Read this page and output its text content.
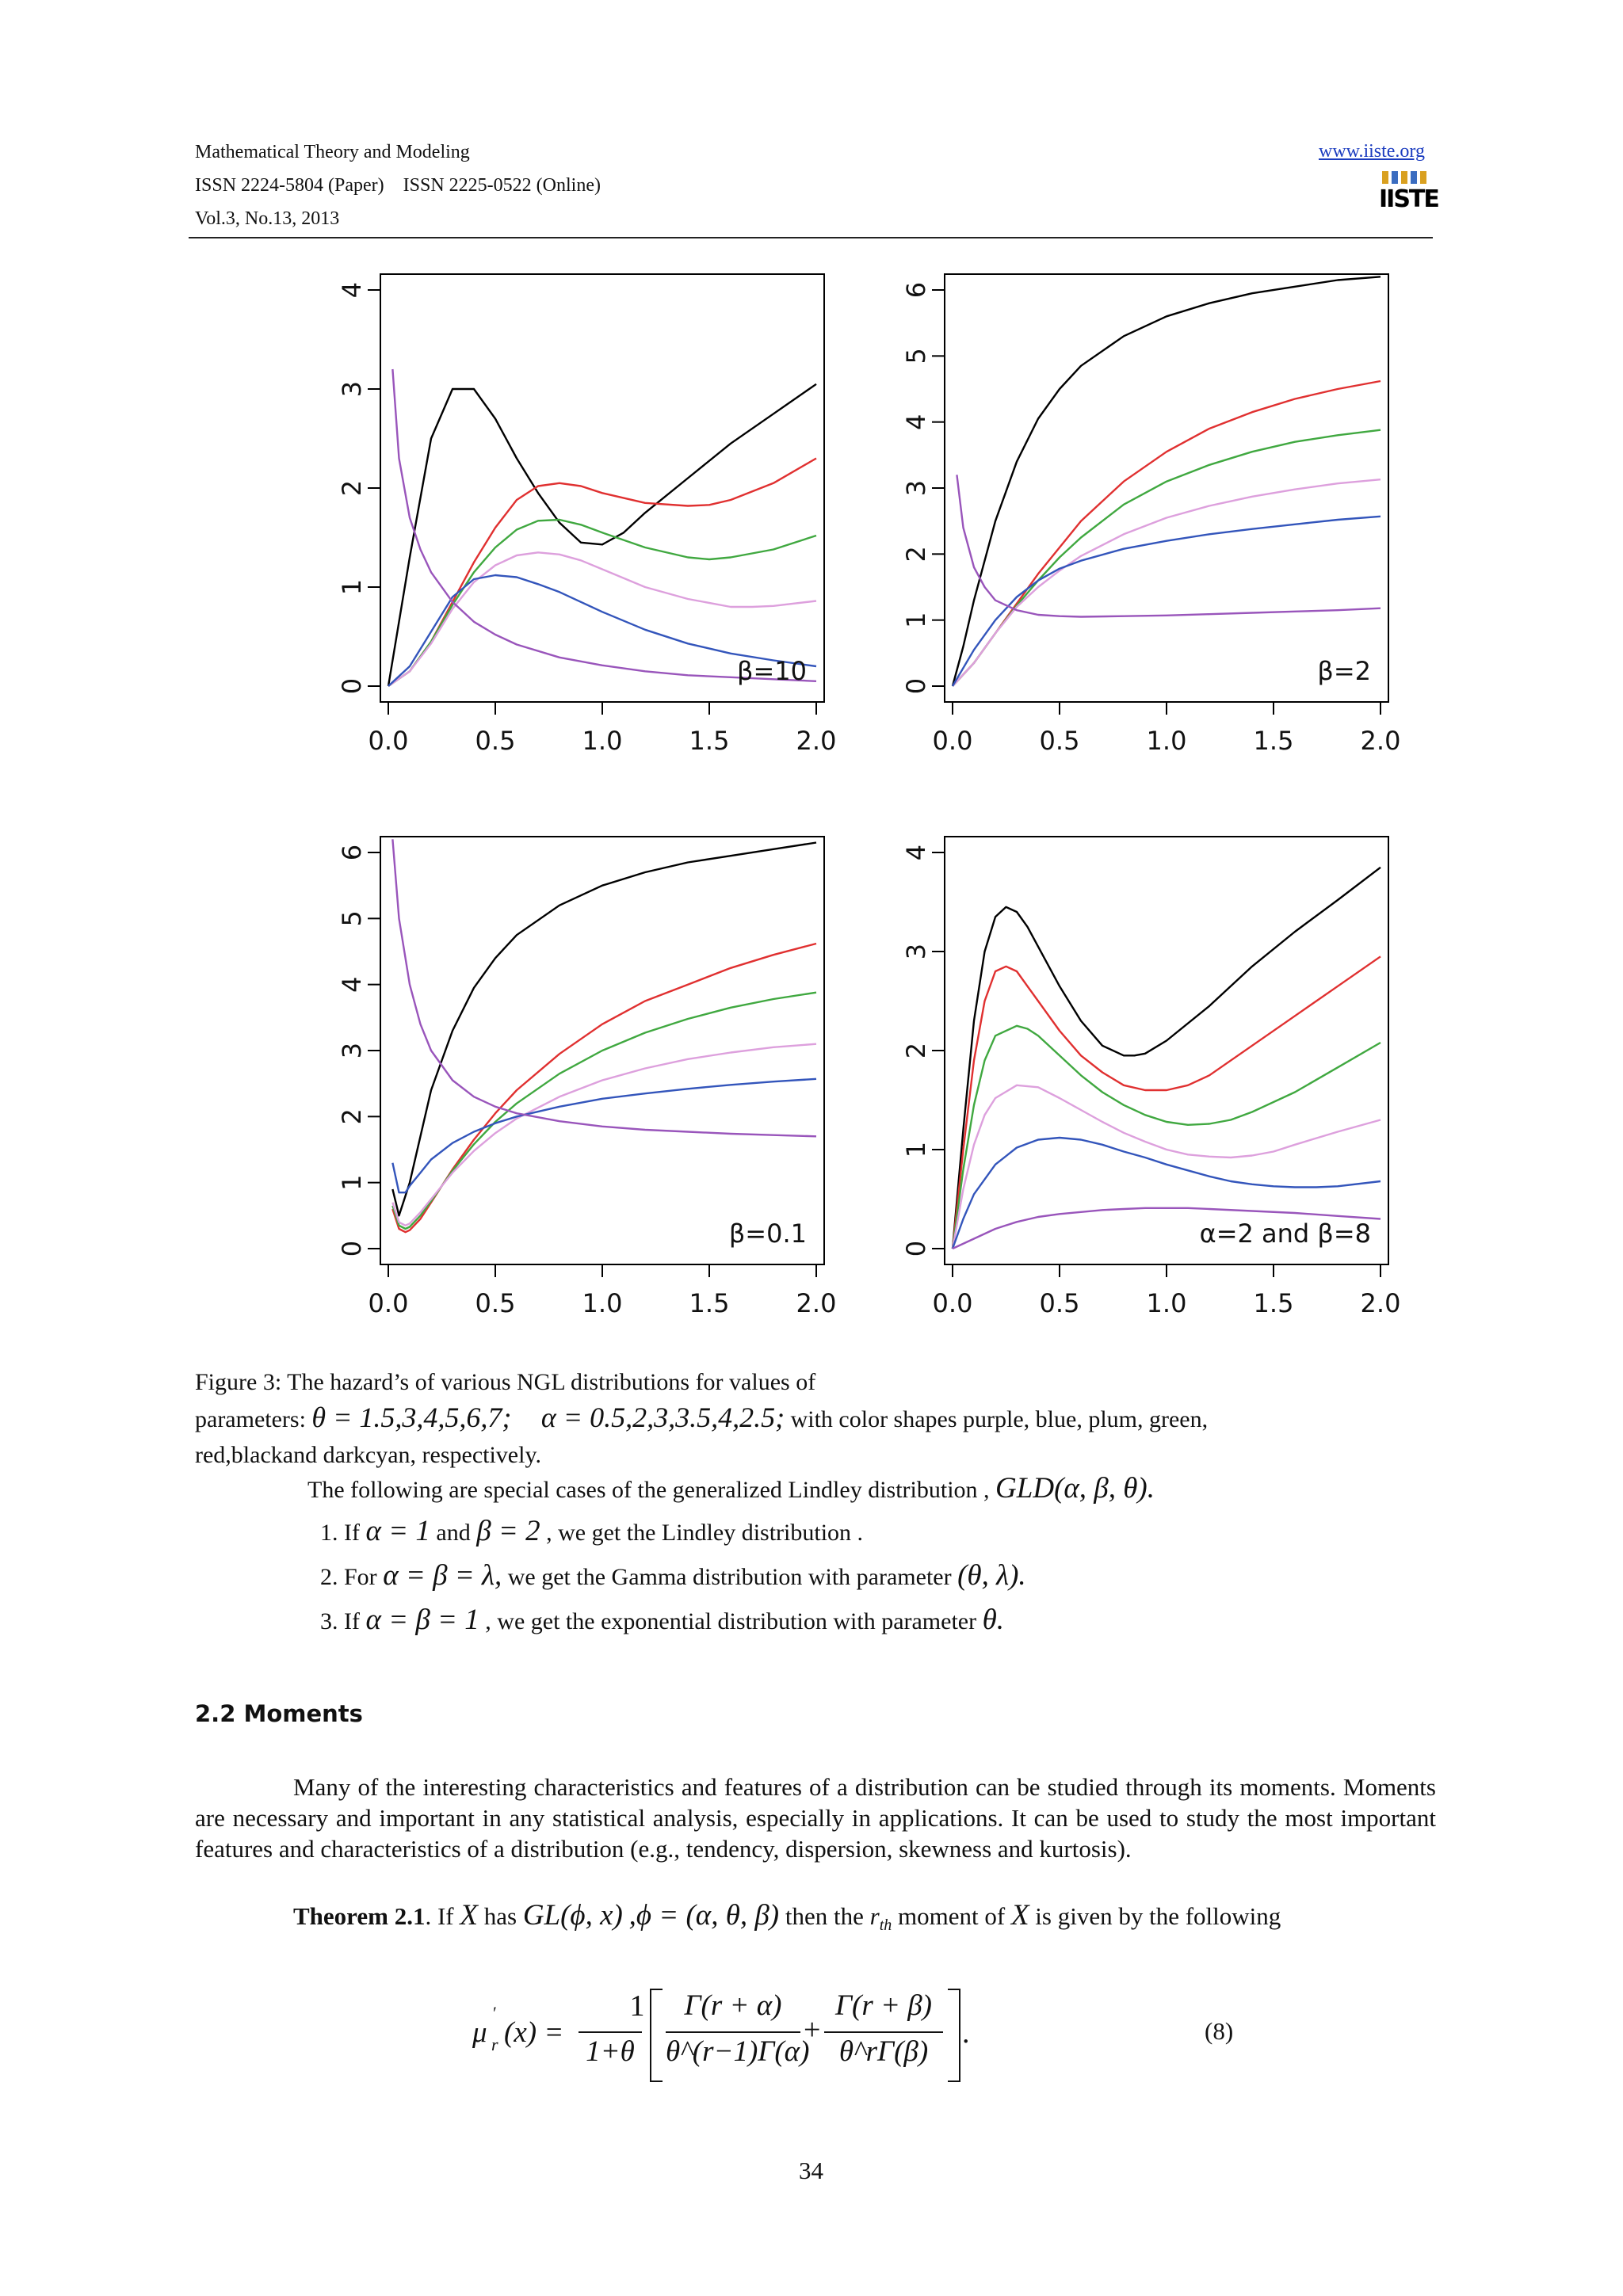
Mathematical Theory and Modeling
ISSN 2224-5804 (Paper)    ISSN 2225-0522 (Online)
Vol.3, No.13, 2013
www.iiste.org
IISTE
0.0	0.5	1.0	1.5	2.0
0
1
2
3
4
β=10
0.0	0.5	1.0	1.5	2.0
0
1
2
3
4
5
6
β=2
0.0	0.5	1.0	1.5	2.0
0
1
2
3
4
5
6
β=0.1
0.0	0.5	1.0	1.5	2.0
0
1
2
3
4
α=2 and β=8
Figure 3: The hazard’s of various NGL distributions for values of
parameters: θ = 1.5,3,4,5,6,7; α = 0.5,2,3,3.5,4,2.5; with color shapes purple, blue, plum, green,
red,blackand darkcyan, respectively.
The following are special cases of the generalized Lindley distribution , GLD(α, β, θ).
1. If α = 1 and β = 2 , we get the Lindley distribution .
2. For α = β = λ, we get the Gamma distribution with parameter (θ, λ).
3. If α = β = 1 , we get the exponential distribution with parameter θ.
2.2 Moments
Many of the interesting characteristics and features of a distribution can be studied through its moments. Moments are necessary and important in any statistical analysis, especially in applications. It can be used to study the most important features and characteristics of a distribution (e.g., tendency, dispersion, skewness and kurtosis).
Theorem 2.1. If X has GL(ϕ, x) ,ϕ = (α, θ, β) then the $r_{th}$ moment of X is given by the following
μ
′
r (x) =
1
1+θ
Γ(r + α)
θ^(r−1)Γ(α)
+
Γ(r + β)
θ^rΓ(β)
.	(8)
34
